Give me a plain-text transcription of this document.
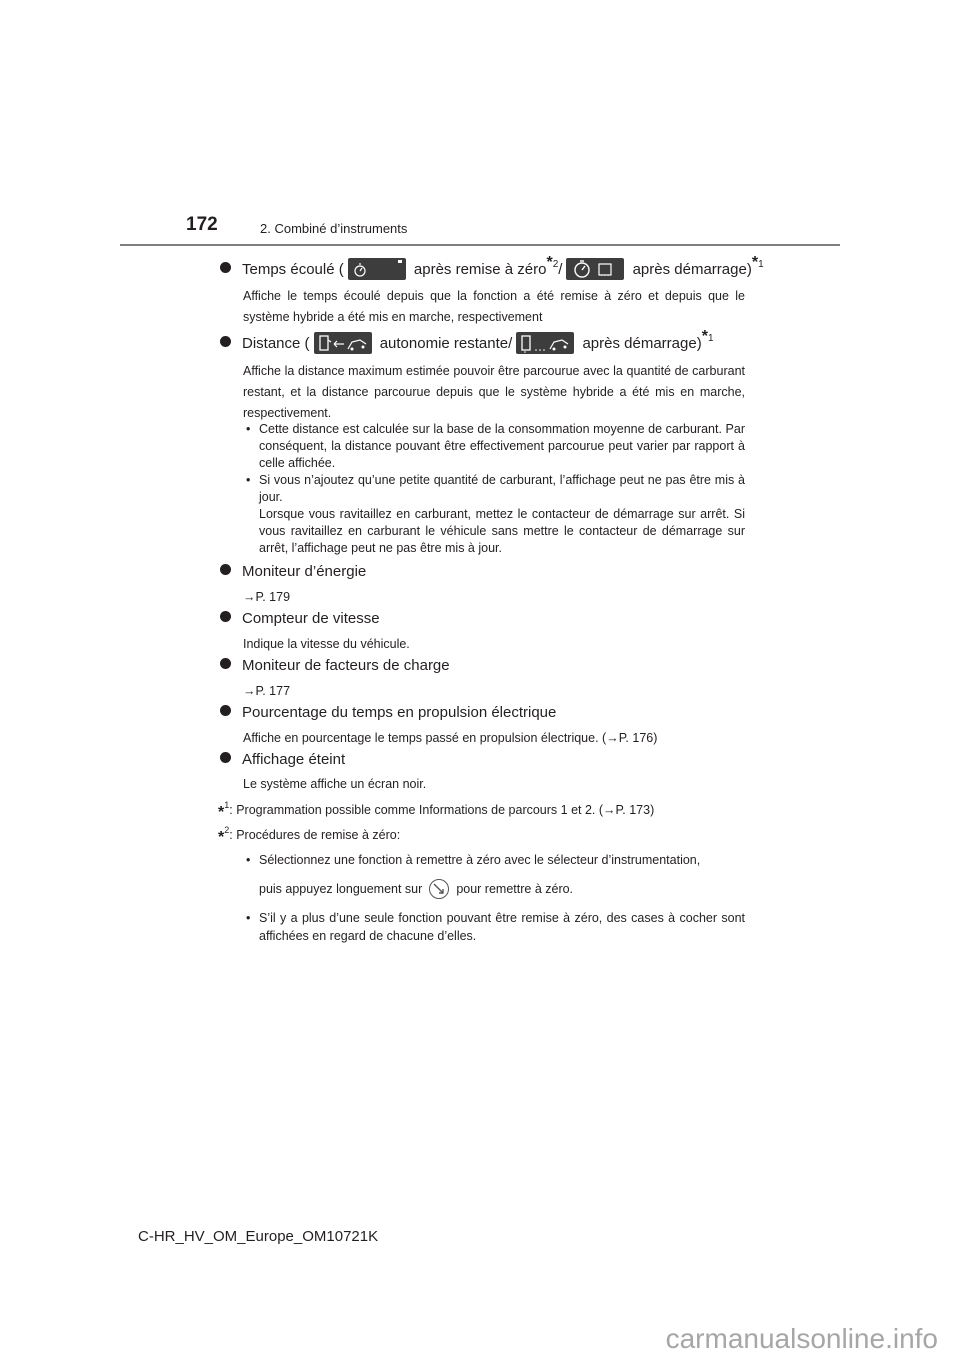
172	2. Combiné d’instruments
Temps écoulé (	après remise à zéro$^{*2}$/	après démarrage)$^{*1}$
Affiche le temps écoulé depuis que la fonction a été remise à zéro et depuis que le système hybride a été mis en marche, respectivement
Distance (	autonomie restante/	après démarrage)$^{*1}$
Affiche la distance maximum estimée pouvoir être parcourue avec la quantité de carburant restant, et la distance parcourue depuis que le système hybride a été mis en marche, respectivement.
• Cette distance est calculée sur la base de la consommation moyenne de carburant. Par conséquent, la distance pouvant être effectivement parcourue peut varier par rapport à celle affichée.
• Si vous n’ajoutez qu’une petite quantité de carburant, l’affichage peut ne pas être mis à jour.
Lorsque vous ravitaillez en carburant, mettez le contacteur de démarrage sur arrêt. Si vous ravitaillez en carburant le véhicule sans mettre le contacteur de démarrage sur arrêt, l’affichage peut ne pas être mis à jour.
Moniteur d’énergie
→P. 179
Compteur de vitesse
Indique la vitesse du véhicule.
Moniteur de facteurs de charge
→P. 177
Pourcentage du temps en propulsion électrique
Affiche en pourcentage le temps passé en propulsion électrique. (→P. 176)
Affichage éteint
Le système affiche un écran noir.
*$^1$: Programmation possible comme Informations de parcours 1 et 2. (→P. 173)
*$^2$: Procédures de remise à zéro:
• Sélectionnez une fonction à remettre à zéro avec le sélecteur d’instrumentation,
puis appuyez longuement sur	pour remettre à zéro.
• S’il y a plus d’une seule fonction pouvant être remise à zéro, des cases à cocher sont affichées en regard de chacune d’elles.
C-HR_HV_OM_Europe_OM10721K
carmanualsonline.info
